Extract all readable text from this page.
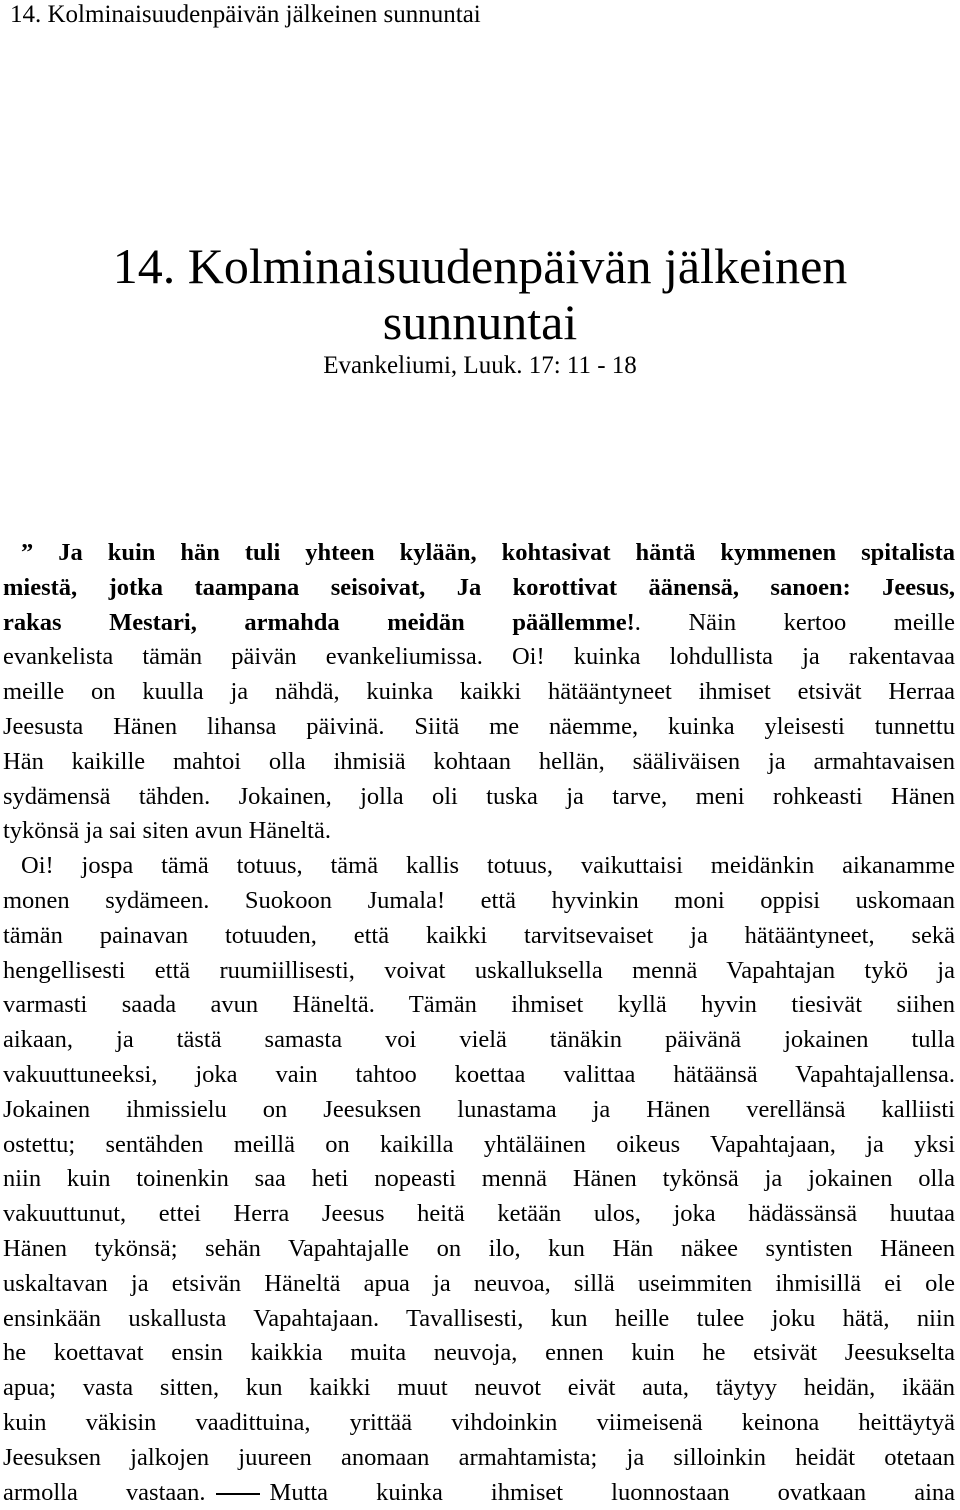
14. Kolminaisuudenpäivän jälkeinen sunnuntai
14. Kolminaisuudenpäivän jälkeinen
sunnuntai
Evankeliumi, Luuk. 17: 11 - 18
” Ja kuin hän tuli yhteen kylään, kohtasivat häntä kymmenen spitalista
miestä, jotka taampana seisoivat, Ja korottivat äänensä, sanoen: Jeesus,
rakas Mestari, armahda meidän päällemme!. Näin kertoo meille
evankelista tämän päivän evankeliumissa. Oi! kuinka lohdullista ja rakentavaa
meille on kuulla ja nähdä, kuinka kaikki hätääntyneet ihmiset etsivät Herraa
Jeesusta Hänen lihansa päivinä. Siitä me näemme, kuinka yleisesti tunnettu
Hän kaikille mahtoi olla ihmisiä kohtaan hellän, sääliväisen ja armahtavaisen
sydämensä tähden. Jokainen, jolla oli tuska ja tarve, meni rohkeasti Hänen
tykönsä ja sai siten avun Häneltä.
Oi! jospa tämä totuus, tämä kallis totuus, vaikuttaisi meidänkin aikanamme
monen sydämeen. Suokoon Jumala! että hyvinkin moni oppisi uskomaan
tämän painavan totuuden, että kaikki tarvitsevaiset ja hätääntyneet, sekä
hengellisesti että ruumiillisesti, voivat uskalluksella mennä Vapahtajan tykö ja
varmasti saada avun Häneltä. Tämän ihmiset kyllä hyvin tiesivät siihen
aikaan, ja tästä samasta voi vielä tänäkin päivänä jokainen tulla
vakuuttuneeksi, joka vain tahtoo koettaa valittaa hätäänsä Vapahtajallensa.
Jokainen ihmissielu on Jeesuksen lunastama ja Hänen verellänsä kalliisti
ostettu; sentähden meillä on kaikilla yhtäläinen oikeus Vapahtajaan, ja yksi
niin kuin toinenkin saa heti nopeasti mennä Hänen tykönsä ja jokainen olla
vakuuttunut, ettei Herra Jeesus heitä ketään ulos, joka hädässänsä huutaa
Hänen tykönsä; sehän Vapahtajalle on ilo, kun Hän näkee syntisten Häneen
uskaltavan ja etsivän Häneltä apua ja neuvoa, sillä useimmiten ihmisillä ei ole
ensinkään uskallusta Vapahtajaan. Tavallisesti, kun heille tulee joku hätä, niin
he koettavat ensin kaikkia muita neuvoja, ennen kuin he etsivät Jeesukselta
apua; vasta sitten, kun kaikki muut neuvot eivät auta, täytyy heidän, ikään
kuin väkisin vaadittuina, yrittää vihdoinkin viimeisenä keinona heittäytyä
Jeesuksen jalkojen juureen anomaan armahtamista; ja silloinkin heidät otetaan
armolla vastaan.	Mutta kuinka ihmiset luonnostaan ovatkaan aina
